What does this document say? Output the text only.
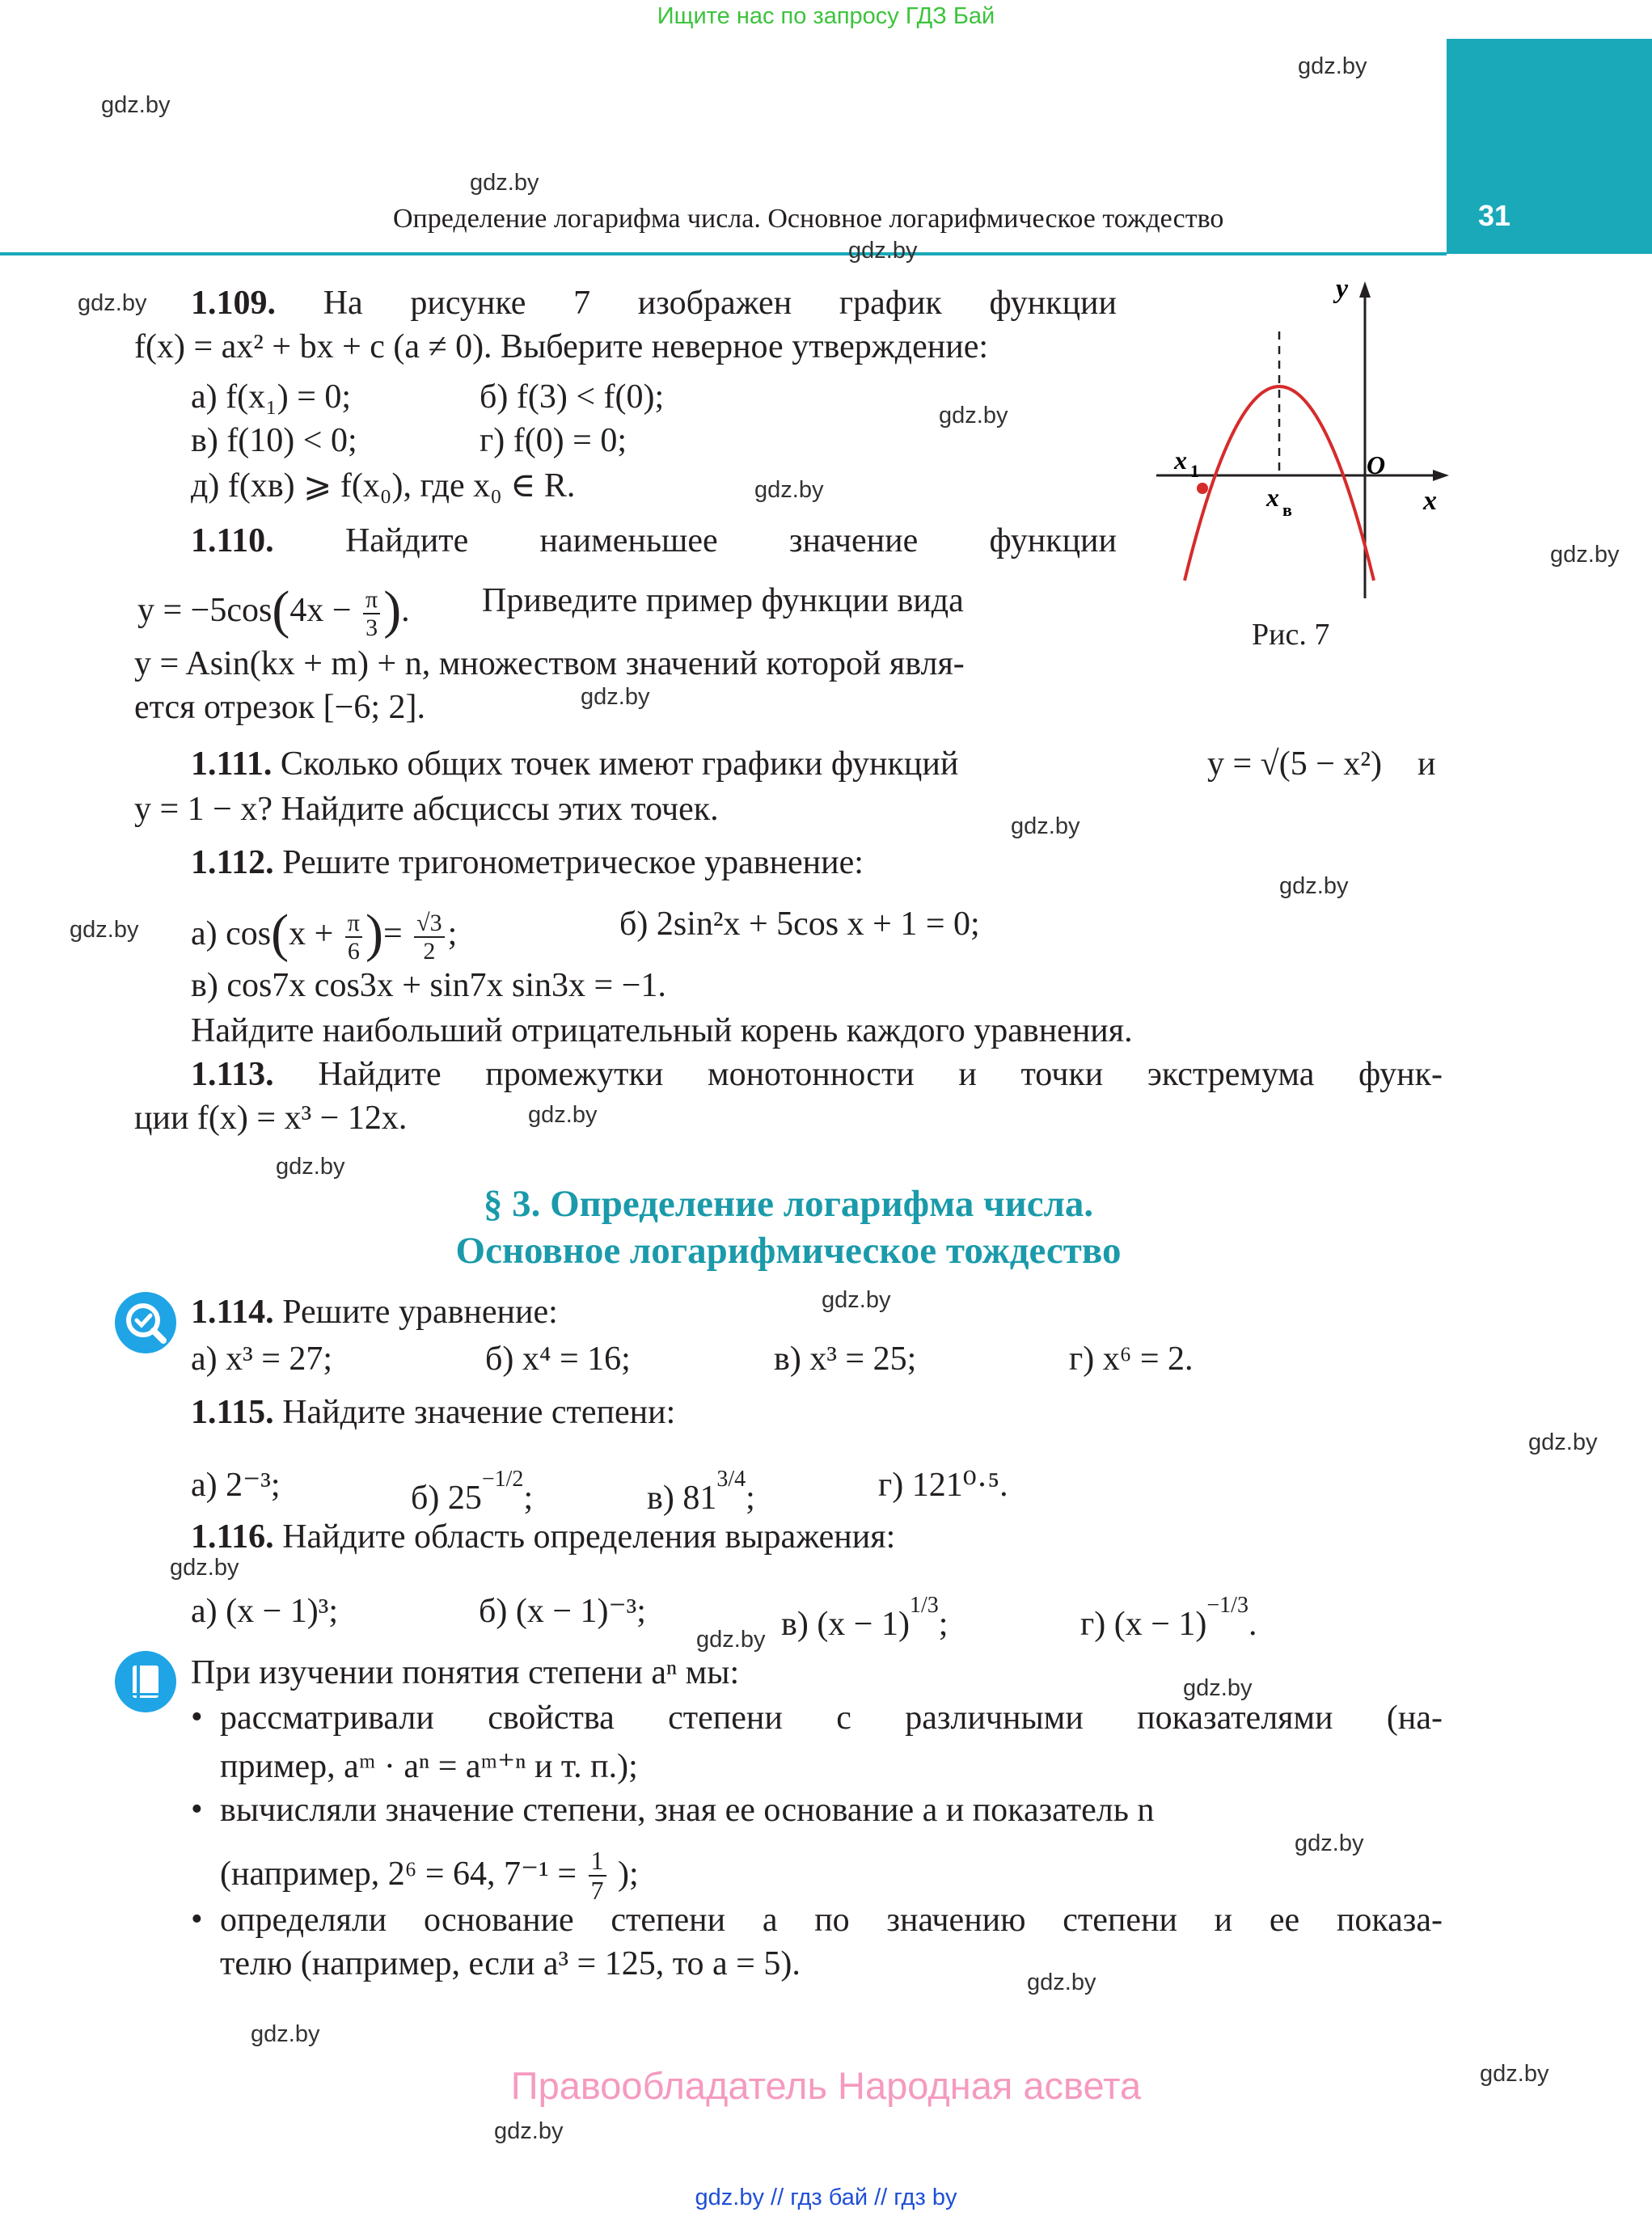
Ищите нас по запросу ГДЗ Бай
31
Определение логарифма числа. Основное логарифмическое тождество
gdz.by
gdz.by
gdz.by
gdz.by
gdz.by
gdz.by
gdz.by
gdz.by
gdz.by
gdz.by
gdz.by
gdz.by
gdz.by
gdz.by
gdz.by
gdz.by
gdz.by
gdz.by
gdz.by
gdz.by
gdz.by
gdz.by
gdz.by
gdz.by
y
x
O
x 1
x в
Рис. 7
1.109. На рисунке 7 изображен график функции
f(x) = ax² + bx + c (a ≠ 0). Выберите неверное утверждение:
а) f(x₁) = 0;	б) f(3) < f(0);
в) f(10) < 0;	г) f(0) = 0;
д) f(xв) ⩾ f(x₀), где x₀ ∈ R.
1.110. Найдите наименьшее значение функции
$y = -5\cos(4x - \frac{\pi}{3}$ ). Приведите пример функции вида
y = Asin(kx + m) + n, множеством значений которой явля-
ется отрезок [−6; 2].
1.111. Сколько общих точек имеют графики функций	y = √(5 − x²) и
y = 1 − x? Найдите абсциссы этих точек.
1.112. Решите тригонометрическое уравнение:
а) $\cos(x + \frac{\pi}{6}$ )= $\frac{√3}{2}$ ;	б) 2sin²x + 5cos x + 1 = 0;
в) cos7x cos3x + sin7x sin3x = −1.
Найдите наибольший отрицательный корень каждого уравнения.
1.113. Найдите промежутки монотонности и точки экстремума функ-
ции f(x) = x³ − 12x.
§ 3. Определение логарифма числа.
Основное логарифмическое тождество
1.114. Решите уравнение:
а) x³ = 27;	б) x⁴ = 16;	в) x³ = 25;	г) x⁶ = 2.
1.115. Найдите значение степени:
а) 2⁻³;	б) $25^{-1/2}$;	в) $81^{3/4}$;	г) 121⁰·⁵.
1.116. Найдите область определения выражения:
а) (x − 1)³;	б) (x − 1)⁻³;	в) $(x - 1)^{1/3}$;	г) $(x - 1)^{-1/3}$.
При изучении понятия степени aⁿ мы:
• рассматривали свойства степени с различными показателями (на-
пример, aᵐ · aⁿ = aᵐ⁺ⁿ и т. п.);
• вычисляли значение степени, зная ее основание a и показатель n
(например, 2⁶ = 64, $7^{-1} = \frac{1}{7}$ );
• определяли основание степени a по значению степени и ее показа-
телю (например, если a³ = 125, то a = 5).
Правообладатель Народная асвета
gdz.by // гдз бай // гдз by
